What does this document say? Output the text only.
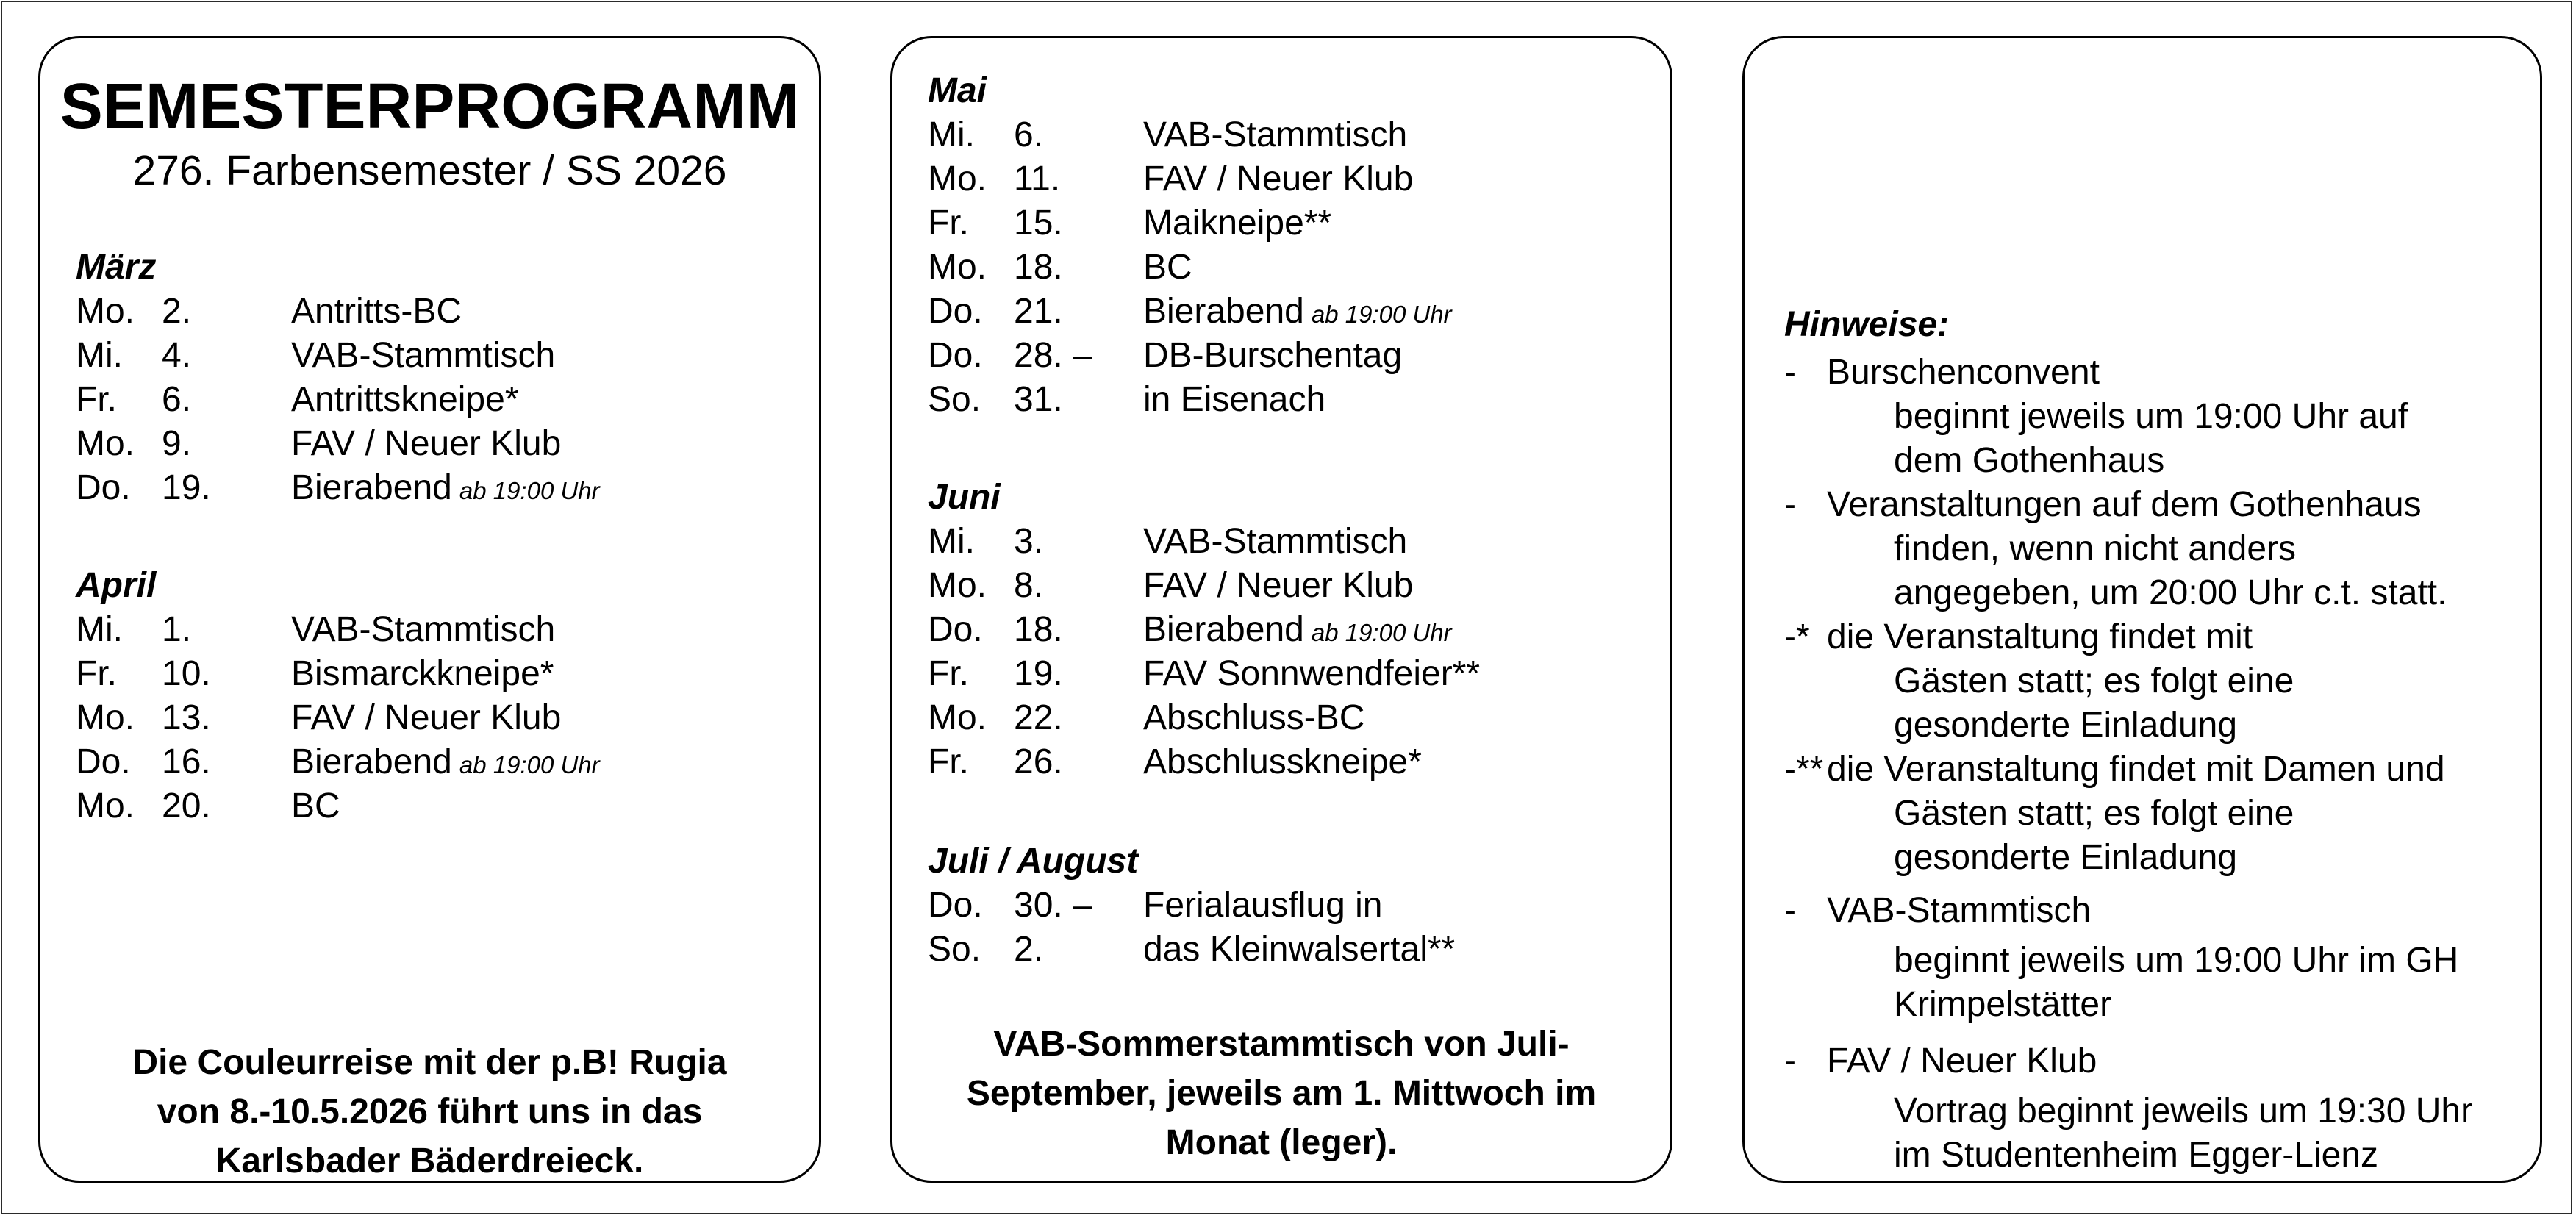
SEMESTERPROGRAMM
276. Farbensemester / SS 2026
März
Mo. 2.	Antritts-BC
Mi. 4.	VAB-Stammtisch
Fr. 6.	Antrittskneipe*
Mo. 9.	FAV / Neuer Klub
Do. 19. Bierabend ab 19:00 Uhr
April
Mi. 1.	VAB-Stammtisch
Fr. 10. Bismarckkneipe*
Mo. 13. FAV / Neuer Klub
Do. 16. Bierabend ab 19:00 Uhr
Mo. 20. BC
Die Couleurreise mit der p.B! Rugia
von 8.-10.5.2026 führt uns in das
Karlsbader Bäderdreieck.
Mai
Mi. 6.	VAB-Stammtisch
Mo. 11. FAV / Neuer Klub
Fr. 15. Maikneipe**
Mo. 18. BC
Do. 21. Bierabend ab 19:00 Uhr
Do. 28. – DB-Burschentag
So. 31. in Eisenach
Juni
Mi. 3.	VAB-Stammtisch
Mo. 8.	FAV / Neuer Klub
Do. 18. Bierabend ab 19:00 Uhr
Fr. 19. FAV Sonnwendfeier**
Mo. 22. Abschluss-BC
Fr. 26. Abschlusskneipe*
Juli / August
Do. 30. – Ferialausflug in
So. 2.	das Kleinwalsertal**
VAB-Sommerstammtisch von Juli-
September, jeweils am 1. Mittwoch im
Monat (leger).
Hinweise:
- Burschenconvent
beginnt jeweils um 19:00 Uhr auf
dem Gothenhaus
- Veranstaltungen auf dem Gothenhaus
finden, wenn nicht anders
angegeben, um 20:00 Uhr c.t. statt.
-* die Veranstaltung findet mit
Gästen statt; es folgt eine
gesonderte Einladung
-** die Veranstaltung findet mit Damen und
Gästen statt; es folgt eine
gesonderte Einladung
- VAB-Stammtisch
beginnt jeweils um 19:00 Uhr im GH
Krimpelstätter
- FAV / Neuer Klub
Vortrag beginnt jeweils um 19:30 Uhr
im Studentenheim Egger-Lienz
